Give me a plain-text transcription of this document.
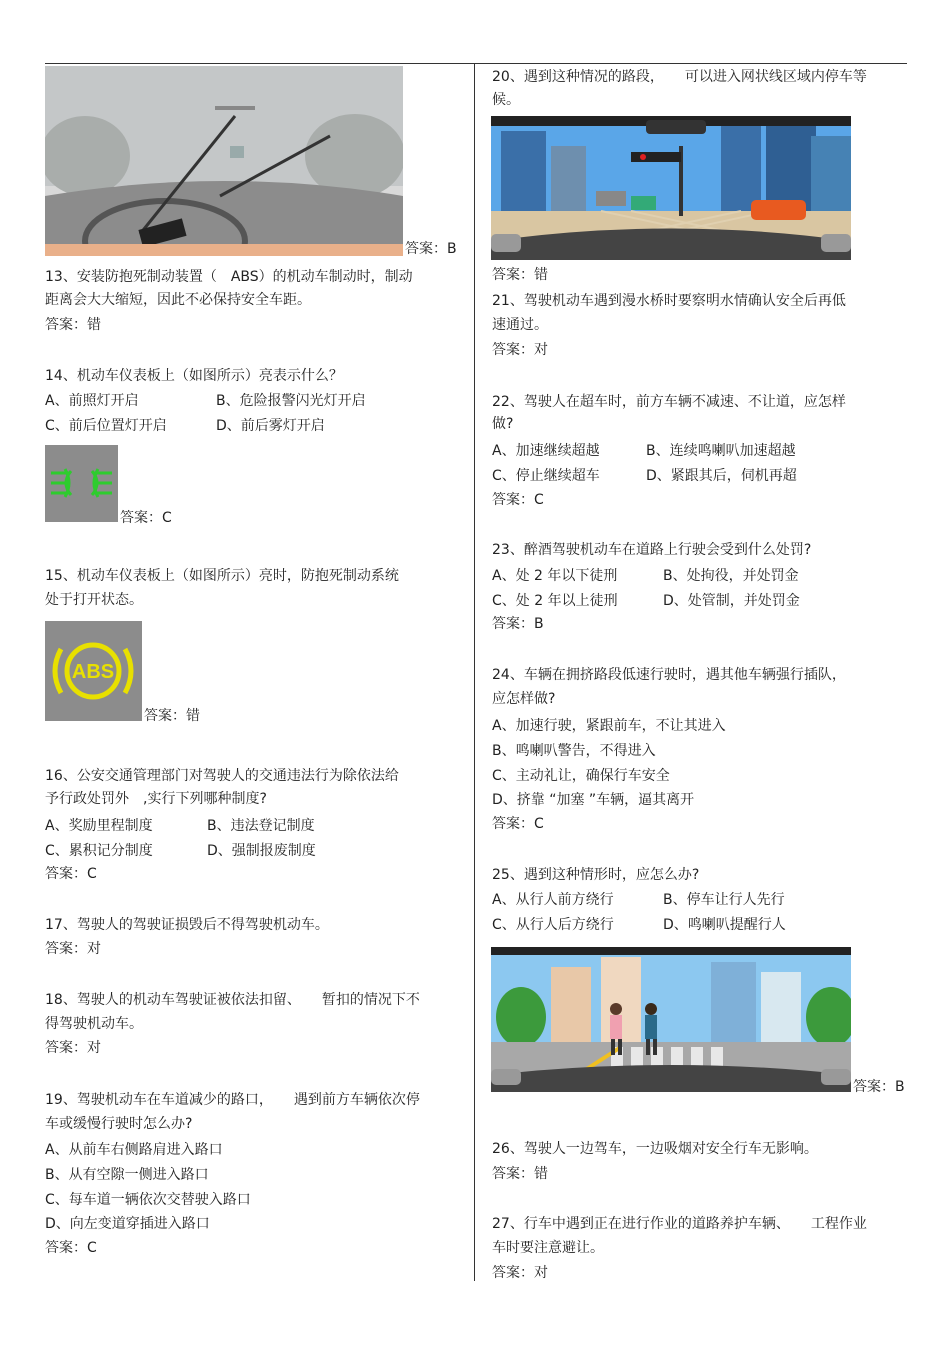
答案：B
13、安装防抱死制动装置（　ABS）的机动车制动时，制动
距离会大大缩短，因此不必保持安全车距。
答案：错
14、机动车仪表板上（如图所示）亮表示什么？
A、前照灯开启	B、危险报警闪光灯开启
C、前后位置灯开启	D、前后雾灯开启
答案：C
15、机动车仪表板上（如图所示）亮时，防抱死制动系统
处于打开状态。
ABS
答案：错
16、公安交通管理部门对驾驶人的交通违法行为除依法给
予行政处罚外　,实行下列哪种制度?
A、奖励里程制度	B、违法登记制度
C、累积记分制度	D、强制报废制度
答案：C
17、驾驶人的驾驶证损毁后不得驾驶机动车。
答案：对
18、驾驶人的机动车驾驶证被依法扣留、　　暂扣的情况下不
得驾驶机动车。
答案：对
19、驾驶机动车在车道减少的路口，　　遇到前方车辆依次停
车或缓慢行驶时怎么办?
A、从前车右侧路肩进入路口
B、从有空隙一侧进入路口
C、每车道一辆依次交替驶入路口
D、向左变道穿插进入路口
答案：C
20、遇到这种情况的路段，　　可以进入网状线区域内停车等
候。
答案：错
21、驾驶机动车遇到漫水桥时要察明水情确认安全后再低
速通过。
答案：对
22、驾驶人在超车时，前方车辆不减速、不让道，应怎样
做?
A、加速继续超越	B、连续鸣喇叭加速超越
C、停止继续超车	D、紧跟其后，伺机再超
答案：C
23、醉酒驾驶机动车在道路上行驶会受到什么处罚?
A、处 2 年以下徒刑	B、处拘役，并处罚金
C、处 2 年以上徒刑	D、处管制，并处罚金
答案：B
24、车辆在拥挤路段低速行驶时，遇其他车辆强行插队，
应怎样做?
A、加速行驶，紧跟前车，不让其进入
B、鸣喇叭警告，不得进入
C、主动礼让，确保行车安全
D、挤靠 “加塞 ”车辆，逼其离开
答案：C
25、遇到这种情形时，应怎么办?
A、从行人前方绕行	B、停车让行人先行
C、从行人后方绕行	D、鸣喇叭提醒行人
答案：B
26、驾驶人一边驾车，一边吸烟对安全行车无影响。
答案：错
27、行车中遇到正在进行作业的道路养护车辆、　　工程作业
车时要注意避让。
答案：对
